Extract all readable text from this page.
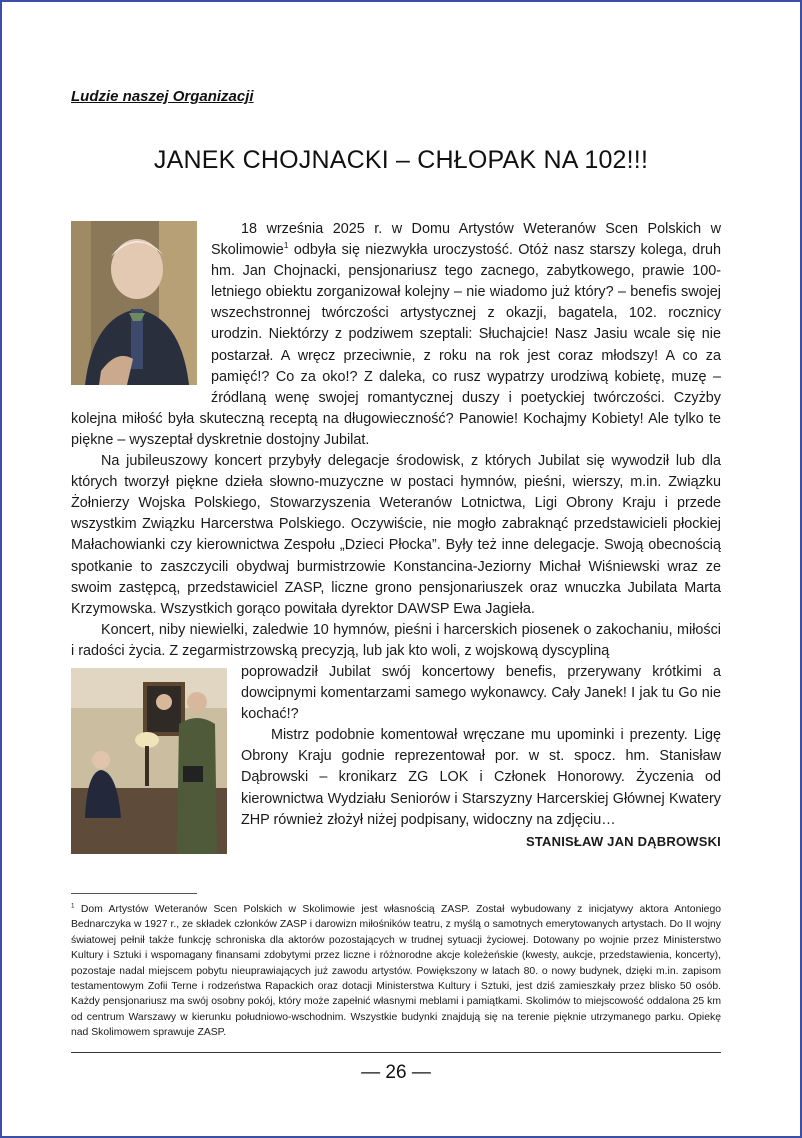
Ludzie naszej Organizacji
JANEK CHOJNACKI – CHŁOPAK NA 102!!!

18 września 2025 r. w Domu Artystów Weteranów Scen Polskich w Skolimowie$^1$ odbyła się niezwykła uroczystość. Otóż nasz starszy kolega, druh hm. Jan Chojnacki, pensjonariusz tego zacnego, zabytkowego, prawie 100-letniego obiektu zorganizował kolejny – nie wiadomo już który? – benefis swojej wszechstronnej twórczości artystycznej z okazji, bagatela, 102. rocznicy urodzin. Niektórzy z podziwem szeptali: Słuchajcie! Nasz Jasiu wcale się nie postarzał. A wręcz przeciwnie, z roku na rok jest coraz młodszy! A co za pamięć!? Co za oko!? Z daleka, co rusz wypatrzy urodziwą kobietę, muzę – źródlaną wenę swojej romantycznej duszy i poetyckiej twórczości. Czyżby kolejna miłość była skuteczną receptą na długowieczność? Panowie! Kochajmy Kobiety! Ale tylko te piękne – wyszeptał dyskretnie dostojny Jubilat.

Na jubileuszowy koncert przybyły delegacje środowisk, z których Jubilat się wywodził lub dla których tworzył piękne dzieła słowno-muzyczne w postaci hymnów, pieśni, wierszy, m.in. Związku Żołnierzy Wojska Polskiego, Stowarzyszenia Weteranów Lotnictwa, Ligi Obrony Kraju i przede wszystkim Związku Harcerstwa Polskiego. Oczywiście, nie mogło zabraknąć przedstawicieli płockiej Małachowianki czy kierownictwa Zespołu „Dzieci Płocka”. Były też inne delegacje. Swoją obecnością spotkanie to zaszczycili obydwaj burmistrzowie Konstancina-Jeziorny Michał Wiśniewski wraz ze swoim zastępcą, przedstawiciel ZASP, liczne grono pensjonariuszek oraz wnuczka Jubilata Marta Krzymowska. Wszystkich gorąco powitała dyrektor DAWSP Ewa Jagieła.

Koncert, niby niewielki, zaledwie 10 hymnów, pieśni i harcerskich piosenek o zakochaniu, miłości i radości życia. Z zegarmistrzowską precyzją, lub jak kto woli, z wojskową dyscypliną

poprowadził Jubilat swój koncertowy benefis, przerywany krótkimi a dowcipnymi komentarzami samego wykonawcy. Cały Janek! I jak tu Go nie kochać!?

Mistrz podobnie komentował wręczane mu upominki i prezenty. Ligę Obrony Kraju godnie reprezentował por. w st. spocz. hm. Stanisław Dąbrowski – kronikarz ZG LOK i Członek Honorowy. Życzenia od kierownictwa Wydziału Seniorów i Starszyzny Harcerskiej Głównej Kwatery ZHP również złożył niżej podpisany, widoczny na zdjęciu…

STANISŁAW JAN DĄBROWSKI

$^1$ Dom Artystów Weteranów Scen Polskich w Skolimowie jest własnością ZASP. Został wybudowany z inicjatywy aktora Antoniego Bednarczyka w 1927 r., ze składek członków ZASP i darowizn miłośników teatru, z myślą o samotnych emerytowanych artystach. Do II wojny światowej pełnił także funkcję schroniska dla aktorów pozostających w trudnej sytuacji życiowej. Dotowany po wojnie przez Ministerstwo Kultury i Sztuki i wspomagany finansami zdobytymi przez liczne i różnorodne akcje koleżeńskie (kwesty, aukcje, przedstawienia, koncerty), pozostaje nadal miejscem pobytu nieuprawiających już zawodu artystów. Powiększony w latach 80. o nowy budynek, dzięki m.in. zapisom testamentowym Zofii Terne i rodzeństwa Rapackich oraz dotacji Ministerstwa Kultury i Sztuki, jest dziś zamieszkały przez blisko 50 osób. Każdy pensjonariusz ma swój osobny pokój, który może zapełnić własnymi meblami i pamiątkami. Skolimów to miejscowość oddalona 25 km od centrum Warszawy w kierunku południowo-wschodnim. Wszystkie budynki znajdują się na terenie pięknie utrzymanego parku. Opiekę nad Skolimowem sprawuje ZASP.
— 26 —
